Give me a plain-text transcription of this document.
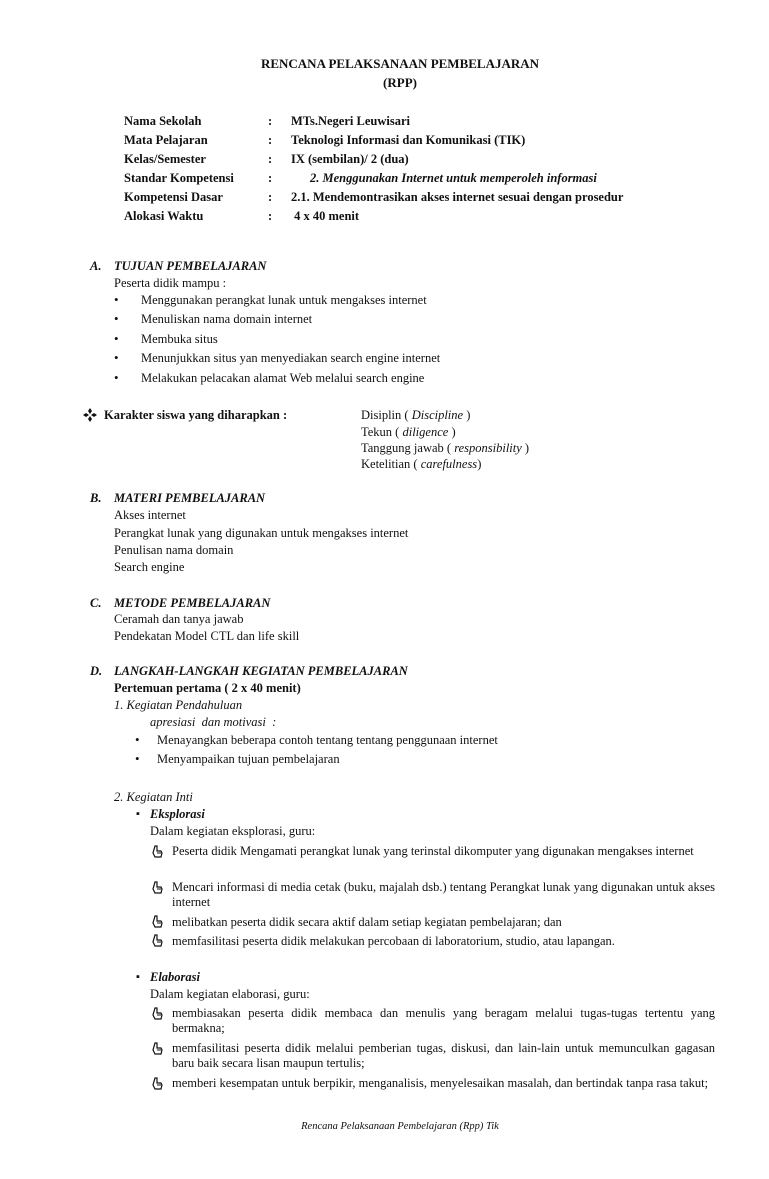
RENCANA PELAKSANAAN PEMBELAJARAN
(RPP)
Nama Sekolah	: MTs.Negeri Leuwisari
Mata Pelajaran	: Teknologi Informasi dan Komunikasi (TIK)
Kelas/Semester	: IX (sembilan)/ 2 (dua)
Standar Kompetensi	:	2. Menggunakan Internet untuk memperoleh informasi
Kompetensi Dasar	: 2.1. Mendemontrasikan akses internet sesuai dengan prosedur
Alokasi Waktu	: 4 x 40 menit
A. TUJUAN PEMBELAJARAN
Peserta didik mampu :
• Menggunakan perangkat lunak untuk mengakses internet
• Menuliskan nama domain internet
• Membuka situs
• Menunjukkan situs yan menyediakan search engine internet
• Melakukan pelacakan alamat Web melalui search engine
Karakter siswa yang diharapkan :	Disiplin ( Discipline )
Tekun ( diligence )
Tanggung jawab ( responsibility )
Ketelitian ( carefulness)
B. MATERI PEMBELAJARAN
Akses internet
Perangkat lunak yang digunakan untuk mengakses internet
Penulisan nama domain
Search engine
C. METODE PEMBELAJARAN
Ceramah dan tanya jawab
Pendekatan Model CTL dan life skill
D. LANGKAH-LANGKAH KEGIATAN PEMBELAJARAN
Pertemuan pertama ( 2 x 40 menit)
1. Kegiatan Pendahuluan
apresiasi  dan motivasi  :
• Menayangkan beberapa contoh tentang tentang penggunaan internet
• Menyampaikan tujuan pembelajaran
2. Kegiatan Inti
▪ Eksplorasi
Dalam kegiatan eksplorasi, guru:
Peserta didik Mengamati perangkat lunak yang terinstal dikomputer yang digunakan mengakses internet
Mencari informasi di media cetak (buku, majalah dsb.) tentang Perangkat lunak yang digunakan untuk akses internet
melibatkan peserta didik secara aktif dalam setiap kegiatan pembelajaran; dan
memfasilitasi peserta didik melakukan percobaan di laboratorium, studio, atau lapangan.
▪ Elaborasi
Dalam kegiatan elaborasi, guru:
membiasakan peserta didik membaca dan menulis yang beragam melalui tugas-tugas tertentu yang bermakna;
memfasilitasi peserta didik melalui pemberian tugas, diskusi, dan lain-lain untuk memunculkan gagasan baru baik secara lisan maupun tertulis;
memberi kesempatan untuk berpikir, menganalisis, menyelesaikan masalah, dan bertindak tanpa rasa takut;
Rencana Pelaksanaan Pembelajaran (Rpp) Tik
